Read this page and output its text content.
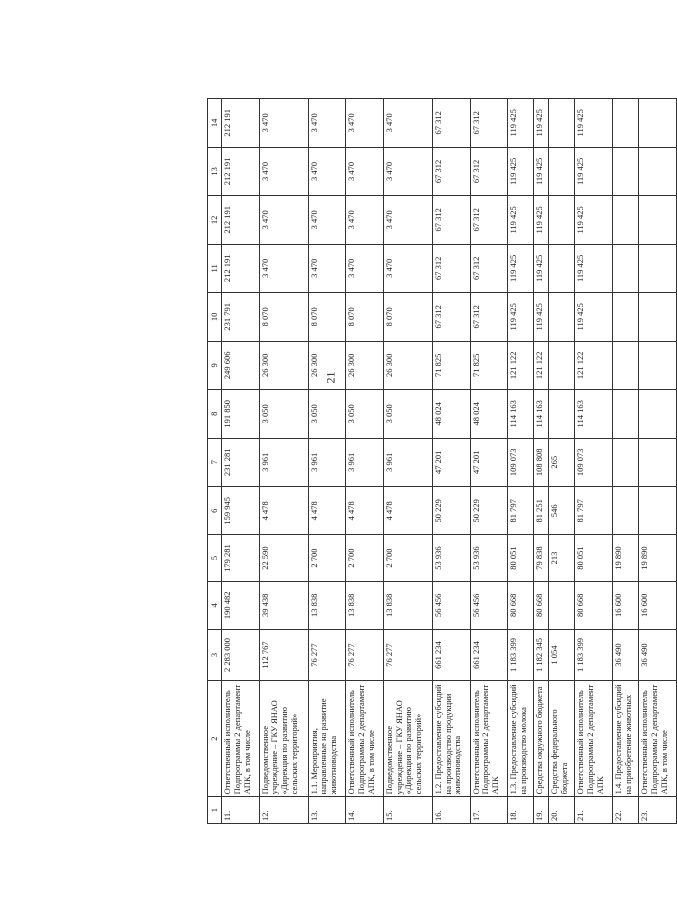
21
1	2	3	4	5	6	7	8	9	10	11	12	13	14
11.	Ответственный исполнитель Подпрограммы 2 департамент АПК, в том числе	2 283 000	190 482	179 281	159 945	231 281	191 850	249 606	231 791	212 191	212 191	212 191	212 191
12.	Подведомственное учреждение – ГКУ ЯНАО «Дирекция по развитию сельских территорий»	112 767	39 438	22 590	4 478	3 961	3 050	26 300	8 070	3 470	3 470	3 470	3 470
13.	1.1. Мероприятия, направленные на развитие животноводства	76 277	13 838	2 700	4 478	3 961	3 050	26 300	8 070	3 470	3 470	3 470	3 470
14.	Ответственный исполнитель Подпрограммы 2 департамент АПК, в том числе	76 277	13 838	2 700	4 478	3 961	3 050	26 300	8 070	3 470	3 470	3 470	3 470
15.	Подведомственное учреждение – ГКУ ЯНАО «Дирекция по развитию сельских территорий»	76 277	13 838	2 700	4 478	3 961	3 050	26 300	8 070	3 470	3 470	3 470	3 470
16.	1.2. Предоставление субсидий на производство продукции животноводства	661 234	56 456	53 936	50 229	47 201	48 024	71 825	67 312	67 312	67 312	67 312	67 312
17.	Ответственный исполнитель Подпрограммы 2 департамент АПК	661 234	56 456	53 936	50 229	47 201	48 024	71 825	67 312	67 312	67 312	67 312	67 312
18.	1.3. Предоставление субсидий на производство молока	1 183 399	80 668	80 051	81 797	109 073	114 163	121 122	119 425	119 425	119 425	119 425	119 425
19.	Средства окружного бюджета	1 182 345	80 668	79 838	81 251	108 808	114 163	121 122	119 425	119 425	119 425	119 425	119 425
20.	Средства федерального бюджета	1 054		213	546	265							
21.	Ответственный исполнитель Подпрограммы 2 департамент АПК	1 183 399	80 668	80 051	81 797	109 073	114 163	121 122	119 425	119 425	119 425	119 425	119 425
22.	1.4. Предоставление субсидий на приобретение животных	36 490	16 600	19 890									
23.	Ответственный исполнитель Подпрограммы 2 департамент АПК, в том числе	36 490	16 600	19 890									
